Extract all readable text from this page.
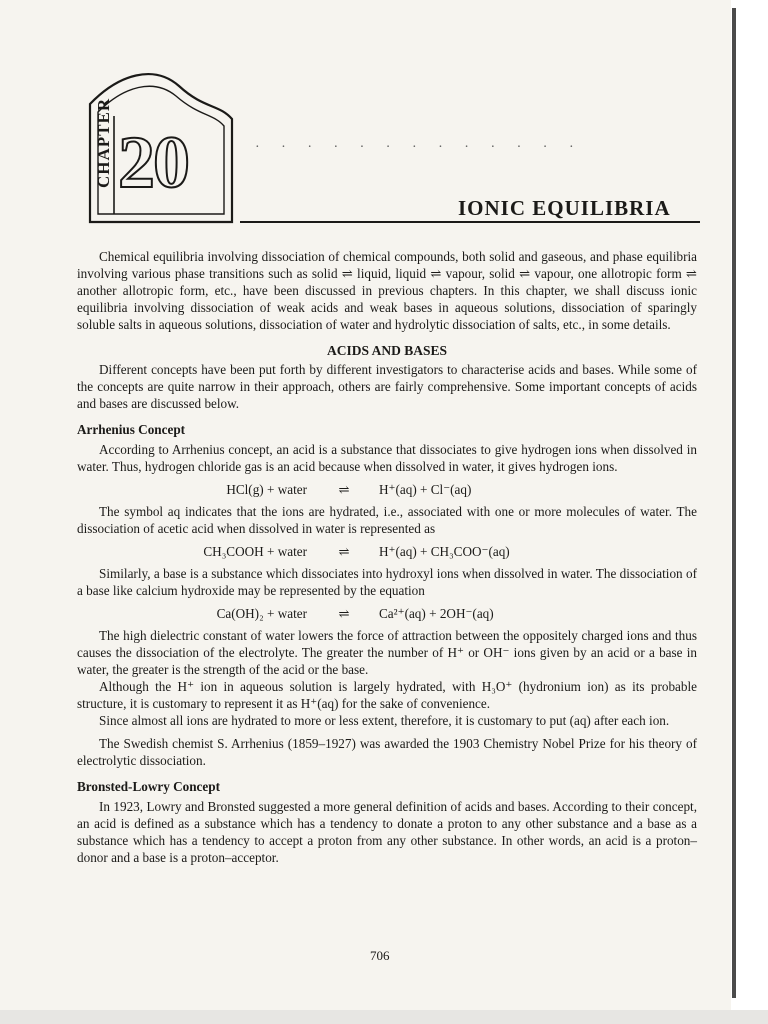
CHAPTER 20	· · · · · · · · · · · · ·
IONIC EQUILIBRIA

Chemical equilibria involving dissociation of chemical compounds, both solid and gaseous, and phase equilibria involving various phase transitions such as solid ⇌ liquid, liquid ⇌ vapour, solid ⇌ vapour, one allotropic form ⇌ another allotropic form, etc., have been discussed in previous chapters. In this chapter, we shall discuss ionic equilibria involving dissociation of weak acids and weak bases in aqueous solutions, dissociation of sparingly soluble salts in aqueous solutions, dissociation of water and hydrolytic dissociation of salts, etc., in some details.

ACIDS AND BASES

Different concepts have been put forth by different investigators to characterise acids and bases. While some of the concepts are quite narrow in their approach, others are fairly comprehensive. Some important concepts of acids and bases are discussed below.

Arrhenius Concept

According to Arrhenius concept, an acid is a substance that dissociates to give hydrogen ions when dissolved in water. Thus, hydrogen chloride gas is an acid because when dissolved in water, it gives hydrogen ions.

HCl(g) + water	⇌	H⁺(aq) + Cl⁻(aq)

The symbol aq indicates that the ions are hydrated, i.e., associated with one or more molecules of water. The dissociation of acetic acid when dissolved in water is represented as

CH₃COOH + water	⇌	H⁺(aq) + CH₃COO⁻(aq)

Similarly, a base is a substance which dissociates into hydroxyl ions when dissolved in water. The dissociation of a base like calcium hydroxide may be represented by the equation

Ca(OH)₂ + water	⇌	Ca²⁺(aq) + 2OH⁻(aq)

The high dielectric constant of water lowers the force of attraction between the oppositely charged ions and thus causes the dissociation of the electrolyte. The greater the number of H⁺ or OH⁻ ions given by an acid or a base in water, the greater is the strength of the acid or the base.

Although the H⁺ ion in aqueous solution is largely hydrated, with H₃O⁺ (hydronium ion) as its probable structure, it is customary to represent it as H⁺(aq) for the sake of convenience.

Since almost all ions are hydrated to more or less extent, therefore, it is customary to put (aq) after each ion.

The Swedish chemist S. Arrhenius (1859–1927) was awarded the 1903 Chemistry Nobel Prize for his theory of electrolytic dissociation.

Bronsted-Lowry Concept

In 1923, Lowry and Bronsted suggested a more general definition of acids and bases. According to their concept, an acid is defined as a substance which has a tendency to donate a proton to any other substance and a base as a substance which has a tendency to accept a proton from any other substance. In other words, an acid is a proton–donor and a base is a proton–acceptor.

706
